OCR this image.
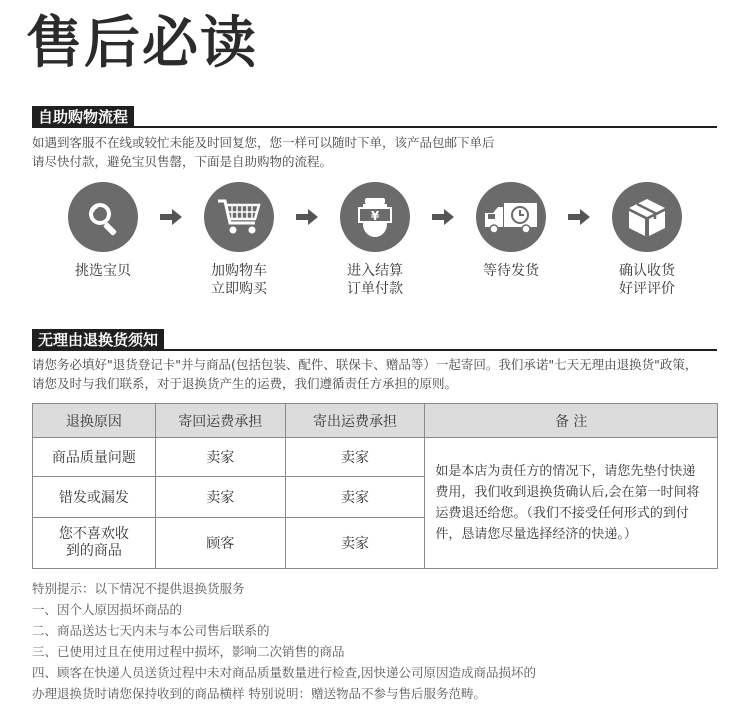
售后必读
自助购物流程
如遇到客服不在线或较忙未能及时回复您，您一样可以随时下单，该产品包邮下单后
请尽快付款，避免宝贝售罄，下面是自助购物的流程。
挑选宝贝	加购物车
立即购买
¥
进入结算
订单付款
等待发货	确认收货
好评评价
无理由退换货须知
请您务必填好"退货登记卡"并与商品(包括包装、配件、联保卡、赠品等）一起寄回。我们承诺"七天无理由退换货"政策，
请您及时与我们联系，对于退换货产生的运费，我们遵循责任方承担的原则。
退换原因	寄回运费承担	寄出运费承担	备 注
商品质量问题	卖家	卖家	如是本店为责任方的情况下，请您先垫付快递
费用，我们收到退换货确认后,会在第一时间将
运费退还给您。（我们不接受任何形式的到付
件，恳请您尽量选择经济的快递。）

错发或漏发	卖家	卖家	

您不喜欢收
到的商品	顾客	卖家	
特别提示：以下情况不提供退换货服务
一、因个人原因损坏商品的
二、商品送达七天内未与本公司售后联系的
三、已使用过且在使用过程中损坏，影响二次销售的商品
四、顾客在快递人员送货过程中未对商品质量数量进行检查,因快递公司原因造成商品损坏的
办理退换货时请您保持收到的商品横样 特别说明：赠送物品不参与售后服务范畴。
